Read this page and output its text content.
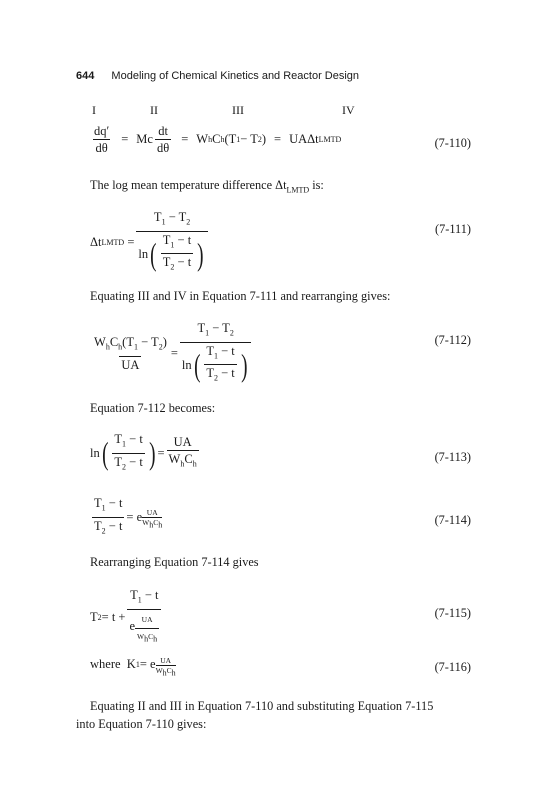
644 Modeling of Chemical Kinetics and Reactor Design
I	II	III	IV
$\frac{dq'}{d\theta} = Mc \frac{dt}{d\theta} = W$ h C h (T 1 − T 2 )
= UAΔt LMTD	(7-110)
The log mean temperature difference $\Delta t_{LMTD}$ is:
Δt LMTD = $\frac{T_1 - T_2}{\ln ( \frac{T_1 - t}{T_2 - t} )}$	(7-111)
Equating III and IV in Equation 7-111 and rearranging gives:
$\frac{W_hC_h(T_1 - T_2)}{UA} = \frac{T_1 - T_2}{\ln ( \frac{T_1 - t}{T_2 - t} )}$	(7-112)
Equation 7-112 becomes:
ln ( $\frac{T_1 - t}{T_2 - t}$ ) = $\frac{UA}{W_hC_h}$	(7-113)
$\frac{T_1 - t}{T_2 - t} = e$ UA
$W_hC_h$	(7-114)
Rearranging Equation 7-114 gives
T $2 = t + T_1 - t$
e UA
$W_hC_h$	(7-115)
where K 1 = e UA
$W_hC_h$	(7-116)
Equating II and III in Equation 7-110 and substituting Equation 7-115
into Equation 7-110 gives:
